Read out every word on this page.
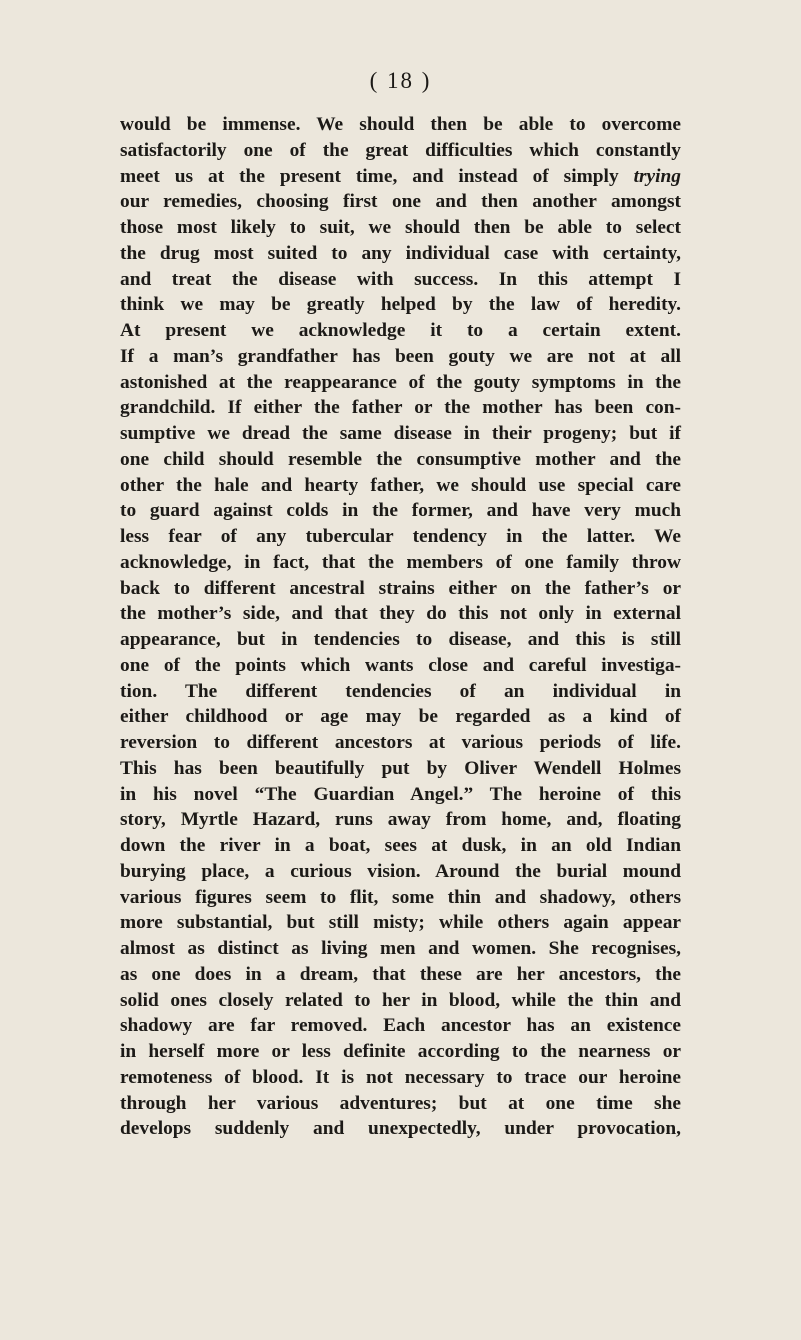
( 18 )
would be immense. We should then be able to overcome
satisfactorily one of the great difficulties which constantly
meet us at the present time, and instead of simply trying
our remedies, choosing first one and then another amongst
those most likely to suit, we should then be able to select
the drug most suited to any individual case with certainty,
and treat the disease with success. In this attempt I
think we may be greatly helped by the law of heredity.
At present we acknowledge it to a certain extent.
If a man’s grandfather has been gouty we are not at all
astonished at the reappearance of the gouty symptoms in the
grandchild. If either the father or the mother has been con-
sumptive we dread the same disease in their progeny; but if
one child should resemble the consumptive mother and the
other the hale and hearty father, we should use special care
to guard against colds in the former, and have very much
less fear of any tubercular tendency in the latter. We
acknowledge, in fact, that the members of one family throw
back to different ancestral strains either on the father’s or
the mother’s side, and that they do this not only in external
appearance, but in tendencies to disease, and this is still
one of the points which wants close and careful investiga-
tion. The different tendencies of an individual in
either childhood or age may be regarded as a kind of
reversion to different ancestors at various periods of life.
This has been beautifully put by Oliver Wendell Holmes
in his novel “The Guardian Angel.” The heroine of this
story, Myrtle Hazard, runs away from home, and, floating
down the river in a boat, sees at dusk, in an old Indian
burying place, a curious vision. Around the burial mound
various figures seem to flit, some thin and shadowy, others
more substantial, but still misty; while others again appear
almost as distinct as living men and women. She recognises,
as one does in a dream, that these are her ancestors, the
solid ones closely related to her in blood, while the thin and
shadowy are far removed. Each ancestor has an existence
in herself more or less definite according to the nearness or
remoteness of blood. It is not necessary to trace our heroine
through her various adventures; but at one time she
develops suddenly and unexpectedly, under provocation,
